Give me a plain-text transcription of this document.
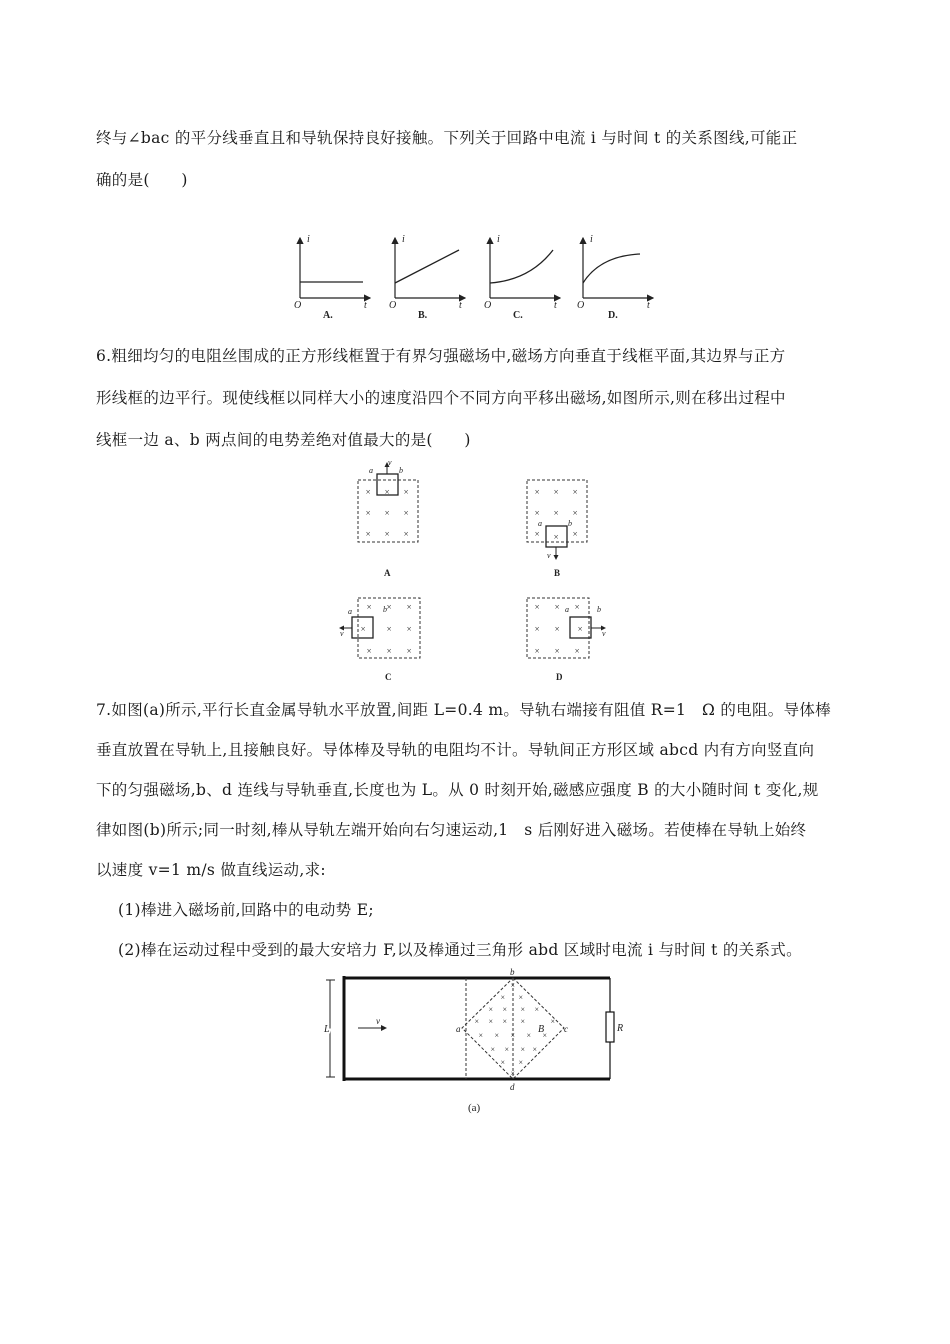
终与∠bac 的平分线垂直且和导轨保持良好接触。下列关于回路中电流 i 与时间 t 的关系图线,可能正
确的是(　　)
i
t
O
A.
i
t
O
B.
i
t
O
C.
i
t
O
D.
6.粗细均匀的电阻丝围成的正方形线框置于有界匀强磁场中,磁场方向垂直于线框平面,其边界与正方
形线框的边平行。现使线框以同样大小的速度沿四个不同方向平移出磁场,如图所示,则在移出过程中
线框一边 a、b 两点间的电势差绝对值最大的是(　　)
v
a	b
× × ×
× × ×
× × ×
A
v
a	b
× × ×
× × ×
× × ×
B
v
a	b
× × ×
× × ×
× × ×
C
v
a	b
× × ×
× × ×
× × ×
D
7.如图(a)所示,平行长直金属导轨水平放置,间距 L=0.4 m。导轨右端接有阻值 R=1　Ω 的电阻。导体棒
垂直放置在导轨上,且接触良好。导体棒及导轨的电阻均不计。导轨间正方形区域 abcd 内有方向竖直向
下的匀强磁场,b、d 连线与导轨垂直,长度也为 L。从 0 时刻开始,磁感应强度 B 的大小随时间 t 变化,规
律如图(b)所示;同一时刻,棒从导轨左端开始向右匀速运动,1　s 后刚好进入磁场。若使棒在导轨上始终
以速度 v=1 m/s 做直线运动,求:
(1)棒进入磁场前,回路中的电动势 E;
(2)棒在运动过程中受到的最大安培力 F,以及棒通过三角形 abd 区域时电流 i 与时间 t 的关系式。
R
L
v
b
a	c
d
B
×
× ×
× × × ×
× × × ×	×
× × × × ×
× × × ×
× ×
×
(a)
